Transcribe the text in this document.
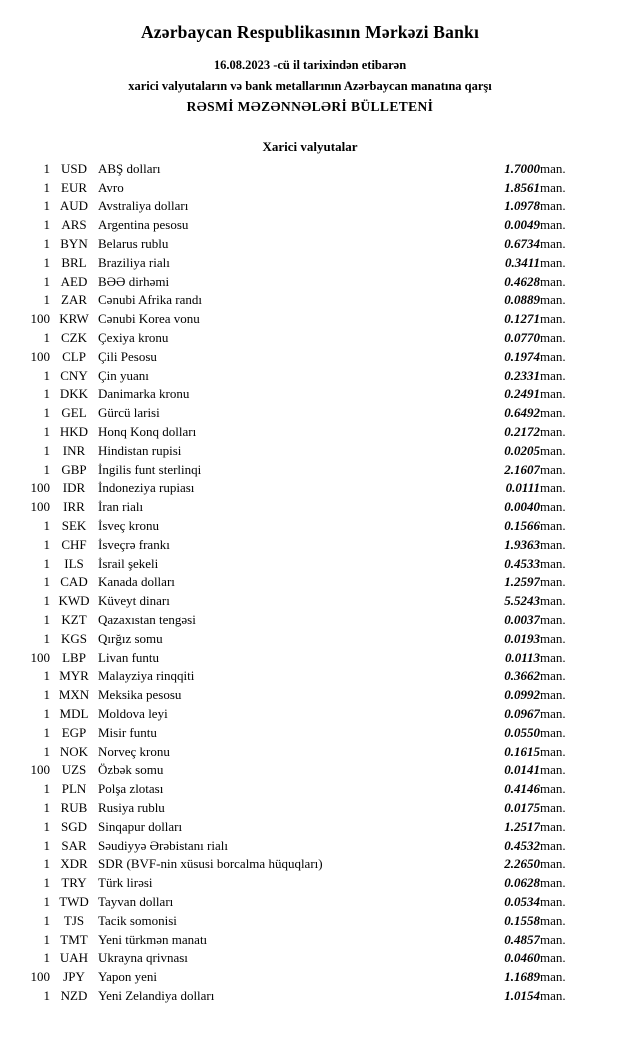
Azərbaycan Respublikasının Mərkəzi Bankı
16.08.2023 -cü il tarixindən etibarən
xarici valyutaların və bank metallarının Azərbaycan manatına qarşı
RƏSMİ MƏZƏNNƏLƏRİ BÜLLETENİ
Xarici valyutalar
1	USD	ABŞ dolları	1.7000	man.
1	EUR	Avro	1.8561	man.
1	AUD	Avstraliya dolları	1.0978	man.
1	ARS	Argentina pesosu	0.0049	man.
1	BYN	Belarus rublu	0.6734	man.
1	BRL	Braziliya rialı	0.3411	man.
1	AED	BƏƏ dirhəmi	0.4628	man.
1	ZAR	Cənubi Afrika randı	0.0889	man.
100	KRW	Cənubi Korea vonu	0.1271	man.
1	CZK	Çexiya kronu	0.0770	man.
100	CLP	Çili Pesosu	0.1974	man.
1	CNY	Çin yuanı	0.2331	man.
1	DKK	Danimarka kronu	0.2491	man.
1	GEL	Gürcü larisi	0.6492	man.
1	HKD	Honq Konq dolları	0.2172	man.
1	INR	Hindistan rupisi	0.0205	man.
1	GBP	İngilis funt sterlinqi	2.1607	man.
100	IDR	İndoneziya rupiası	0.0111	man.
100	IRR	İran rialı	0.0040	man.
1	SEK	İsveç kronu	0.1566	man.
1	CHF	İsveçrə frankı	1.9363	man.
1	ILS	İsrail şekeli	0.4533	man.
1	CAD	Kanada dolları	1.2597	man.
1	KWD	Küveyt dinarı	5.5243	man.
1	KZT	Qazaxıstan tengəsi	0.0037	man.
1	KGS	Qırğız somu	0.0193	man.
100	LBP	Livan funtu	0.0113	man.
1	MYR	Malayziya rinqqiti	0.3662	man.
1	MXN	Meksika pesosu	0.0992	man.
1	MDL	Moldova leyi	0.0967	man.
1	EGP	Misir funtu	0.0550	man.
1	NOK	Norveç kronu	0.1615	man.
100	UZS	Özbək somu	0.0141	man.
1	PLN	Polşa zlotası	0.4146	man.
1	RUB	Rusiya rublu	0.0175	man.
1	SGD	Sinqapur dolları	1.2517	man.
1	SAR	Səudiyyə Ərəbistanı rialı	0.4532	man.
1	XDR	SDR (BVF-nin xüsusi borcalma hüquqları)	2.2650	man.
1	TRY	Türk lirəsi	0.0628	man.
1	TWD	Tayvan dolları	0.0534	man.
1	TJS	Tacik somonisi	0.1558	man.
1	TMT	Yeni türkmən manatı	0.4857	man.
1	UAH	Ukrayna qrivnası	0.0460	man.
100	JPY	Yapon yeni	1.1689	man.
1	NZD	Yeni Zelandiya dolları	1.0154	man.
